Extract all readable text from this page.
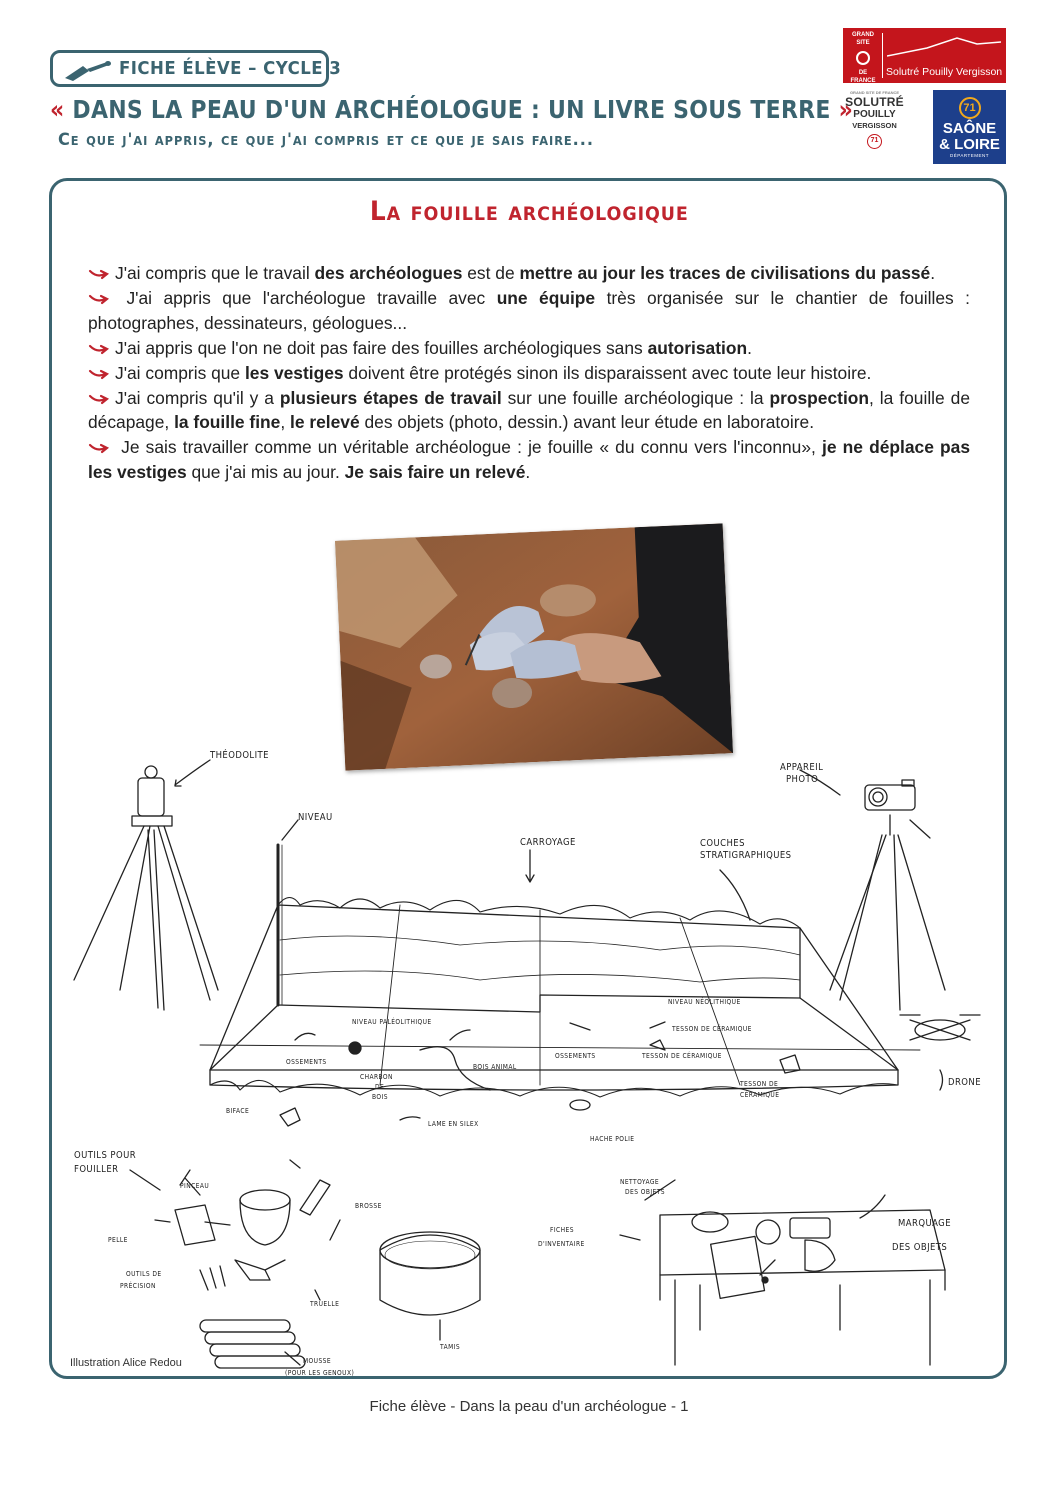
FICHE ÉLÈVE – CYCLE 3
« DANS LA PEAU D'UN ARCHÉOLOGUE : UN LIVRE SOUS TERRE »
Ce que j'ai appris, ce que j'ai compris et ce que je sais faire...
GRAND SITE
DE
FRANCE
Solutré Pouilly Vergisson
GRAND SITE DE FRANCE
SOLUTRÉ
POUILLY
VERGISSON
71
71
SAÔNE
& LOIRE
DÉPARTEMENT
La fouille archéologique
J'ai compris que le travail des archéologues est de mettre au jour les traces de civilisations du passé.
J'ai appris que l'archéologue travaille avec une équipe très organisée sur le chantier de fouilles : photographes, dessinateurs, géologues...
J'ai appris que l'on ne doit pas faire des fouilles archéologiques sans autorisation.
J'ai compris que les vestiges doivent être protégés sinon ils disparaissent avec toute leur histoire.
J'ai compris qu'il y a plusieurs étapes de travail sur une fouille archéologique : la prospection, la fouille de décapage, la fouille fine, le relevé des objets (photo, dessin.) avant leur étude en laboratoire.
Je sais travailler comme un véritable archéologue : je fouille « du connu vers l'inconnu», je ne déplace pas les vestiges que j'ai mis au jour. Je sais faire un relevé.
THÉODOLITE
NIVEAU
CARROYAGE	COUCHES
STRATIGRAPHIQUES
APPAREIL
PHOTO
NIVEAU NÉOLITHIQUE
NIVEAU PALÉOLITHIQUE
TESSON DE CÉRAMIQUE
OSSEMENTS
CHARBON
DE
BOIS
BOIS ANIMAL
OSSEMENTS	TESSON DE CÉRAMIQUE
TESSON DE
CÉRAMIQUE
BIFACE
LAME EN SILEX
HACHE POLIE
DRONE
OUTILS POUR
FOUILLER
PINCEAU
BROSSE
PELLE
OUTILS DE
PRÉCISION
TRUELLE
TAMIS
MOUSSE
(POUR LES GENOUX)
NETTOYAGE
DES OBJETS
FICHES
D'INVENTAIRE
MARQUAGE
DES OBJETS
Illustration Alice Redou
Fiche élève - Dans la peau d'un archéologue - 1
